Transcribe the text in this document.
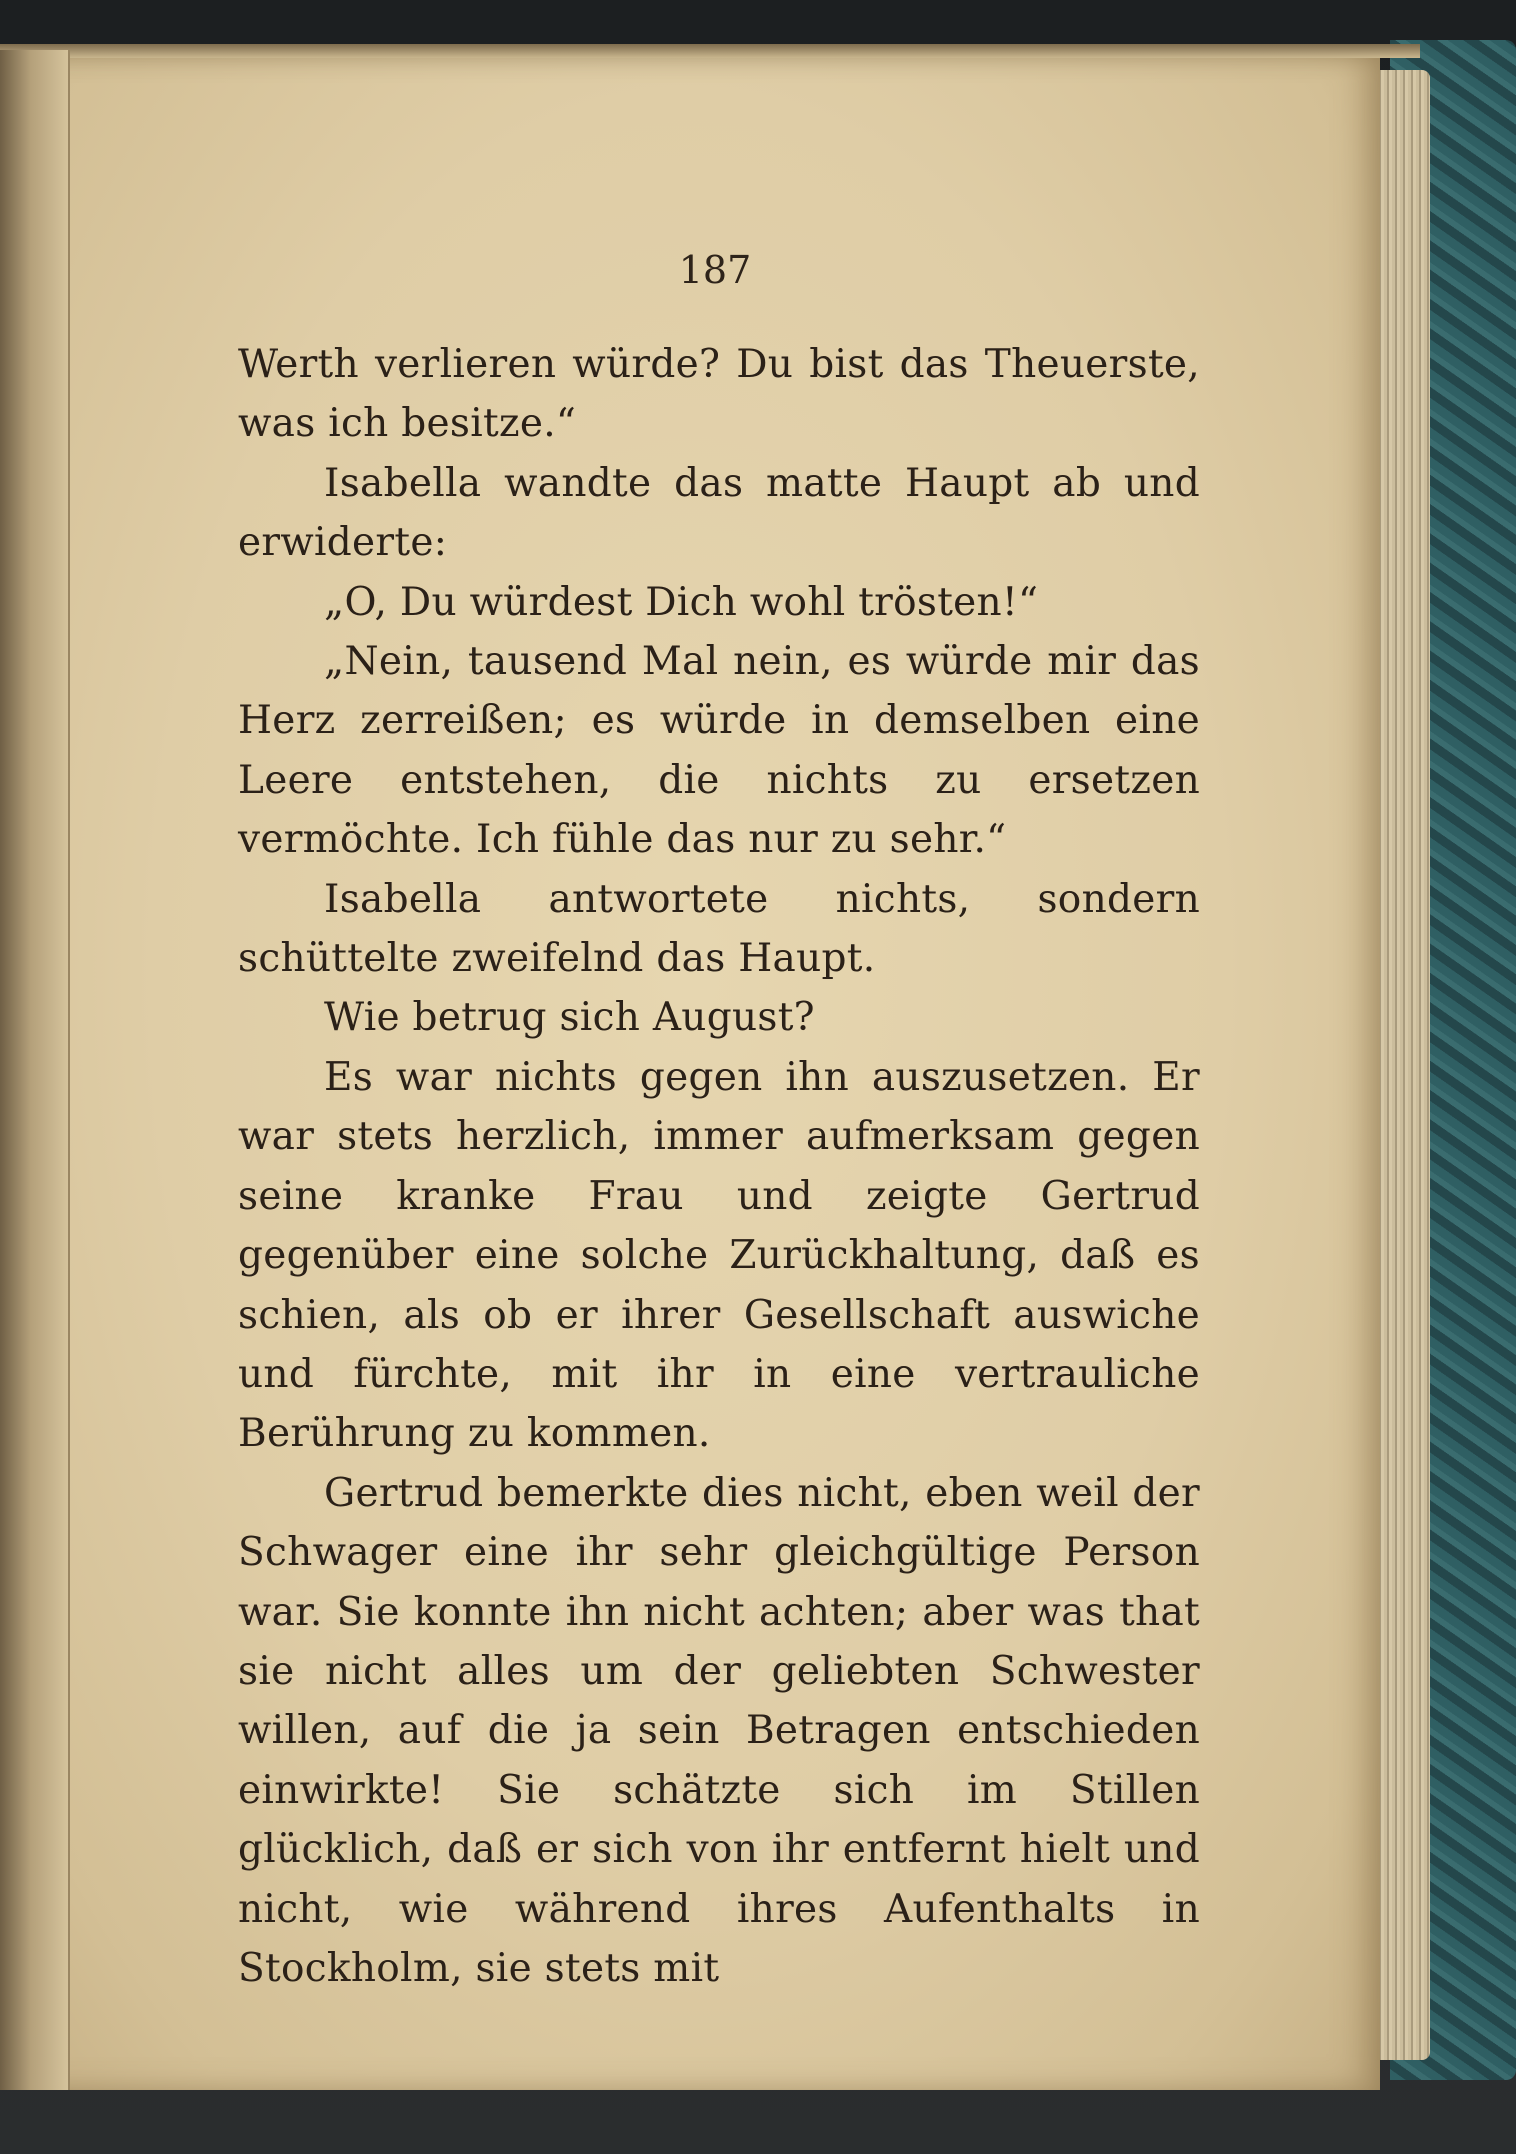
187

Werth verlieren würde? Du bist das Theuerste, was ich besitze.“

Isabella wandte das matte Haupt ab und erwiderte:

„O, Du würdest Dich wohl trösten!“

„Nein, tausend Mal nein, es würde mir das Herz zerreißen; es würde in demselben eine Leere entstehen, die nichts zu ersetzen vermöchte. Ich fühle das nur zu sehr.“

Isabella antwortete nichts, sondern schüttelte zweifelnd das Haupt.

Wie betrug sich August?

Es war nichts gegen ihn auszusetzen. Er war stets herzlich, immer aufmerksam gegen seine kranke Frau und zeigte Gertrud gegenüber eine solche Zurückhaltung, daß es schien, als ob er ihrer Gesellschaft auswiche und fürchte, mit ihr in eine vertrauliche Berührung zu kommen.

Gertrud bemerkte dies nicht, eben weil der Schwager eine ihr sehr gleichgültige Person war. Sie konnte ihn nicht achten; aber was that sie nicht alles um der geliebten Schwester willen, auf die ja sein Betragen entschieden einwirkte! Sie schätzte sich im Stillen glücklich, daß er sich von ihr entfernt hielt und nicht, wie während ihres Aufenthalts in Stockholm, sie stets mit
